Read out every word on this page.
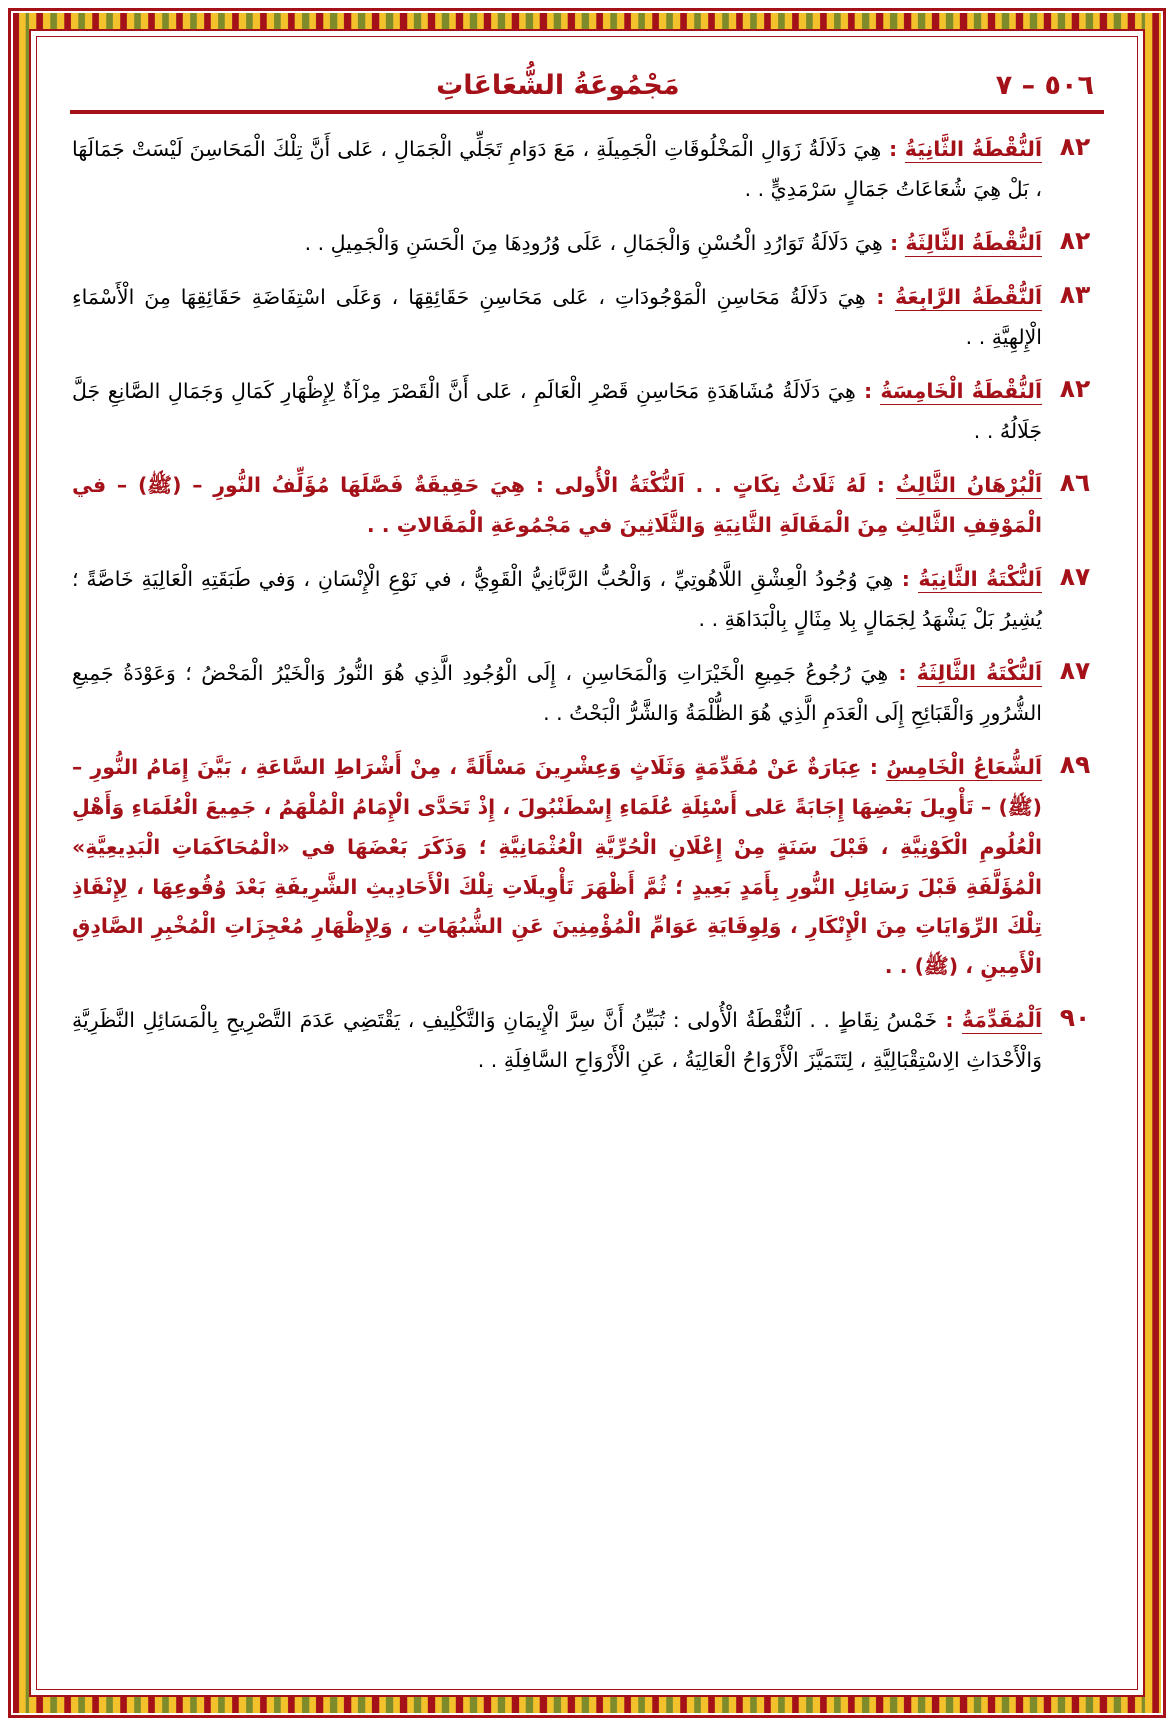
٥٠٦ – ٧
مَجْمُوعَةُ الشُّعَاعَاتِ
٨٢
اَلنُّقْطَةُ الثَّانِيَةُ : هِيَ دَلَالَةُ زَوَالِ الْمَخْلُوقَاتِ الْجَمِيلَةِ ، مَعَ دَوَامِ تَجَلِّي الْجَمَالِ ، عَلى أَنَّ تِلْكَ الْمَحَاسِنَ لَيْسَتْ جَمَالَهَا ، بَلْ هِيَ شُعَاعَاتُ جَمَالٍ سَرْمَدِيٍّ . .
٨٢
اَلنُّقْطَةُ الثَّالِثَةُ : هِيَ دَلَالَةُ تَوَارُدِ الْحُسْنِ وَالْجَمَالِ ، عَلَى وُرُودِهَا مِنَ الْحَسَنِ وَالْجَمِيلِ . .
٨٣
اَلنُّقْطَةُ الرَّابِعَةُ : هِيَ دَلَالَةُ مَحَاسِنِ الْمَوْجُودَاتِ ، عَلى مَحَاسِنِ حَقَائِقِهَا ، وَعَلَى اسْتِفَاضَةِ حَقَائِقِهَا مِنَ الْأَسْمَاءِ الْإِلهِيَّةِ . .
٨٢
اَلنُّقْطَةُ الْخَامِسَةُ : هِيَ دَلَالَةُ مُشَاهَدَةِ مَحَاسِنِ قَصْرِ الْعَالَمِ ، عَلى أَنَّ الْقَصْرَ مِرْآةٌ لِإِظْهَارِ كَمَالِ وَجَمَالِ الصَّانِعِ جَلَّ جَلَالُهُ . .
٨٦
اَلْبُرْهَانُ الثَّالِثُ : لَهُ ثَلَاثُ نِكَاتٍ . . اَلنُّكْتَةُ الْأُولى : هِيَ حَقِيقَةٌ فَصَّلَهَا مُؤَلِّفُ النُّورِ – (ﷺ) – في الْمَوْقِفِ الثَّالِثِ مِنَ الْمَقَالَةِ الثَّانِيَةِ وَالثَّلَاثِينَ في مَجْمُوعَةِ الْمَقَالاتِ . .
٨٧
اَلنُّكْتَةُ الثَّانِيَةُ : هِيَ وُجُودُ الْعِشْقِ اللَّاهُوتِيِّ ، وَالْحُبُّ الرَّبَّانِيُّ الْقَوِيُّ ، في نَوْعِ الْإِنْسَانِ ، وَفي طَبَقَتِهِ الْعَالِيَةِ خَاصَّةً ؛ يُشِيرُ بَلْ يَشْهَدُ لِجَمَالٍ بِلا مِثَالٍ بِالْبَدَاهَةِ . .
٨٧
اَلنُّكْتَةُ الثَّالِثَةُ : هِيَ رُجُوعُ جَمِيعِ الْخَيْرَاتِ وَالْمَحَاسِنِ ، إِلَى الْوُجُودِ الَّذِي هُوَ النُّورُ وَالْخَيْرُ الْمَحْضُ ؛ وَعَوْدَةُ جَمِيعِ الشُّرُورِ وَالْقَبَائِحِ إِلَى الْعَدَمِ الَّذِي هُوَ الظُّلْمَةُ وَالشَّرُّ الْبَحْتُ . .
٨٩
اَلشُّعَاعُ الْخَامِسُ : عِبَارَةٌ عَنْ مُقَدِّمَةٍ وَثَلَاثٍ وَعِشْرِينَ مَسْأَلَةً ، مِنْ أَشْرَاطِ السَّاعَةِ ، بَيَّنَ إِمَامُ النُّورِ – (ﷺ) – تَأْوِيلَ بَعْضِهَا إِجَابَةً عَلى أَسْئِلَةِ عُلَمَاءِ إِسْطَنْبُولَ ، إِذْ تَحَدَّى الْإِمَامُ الْمُلْهَمُ ، جَمِيعَ الْعُلَمَاءِ وَأَهْلِ الْعُلُومِ الْكَوْنِيَّةِ ، قَبْلَ سَنَةٍ مِنْ إِعْلَانِ الْحُرِّيَّةِ الْعُثْمَانِيَّةِ ؛ وَذَكَرَ بَعْضَهَا في «الْمُحَاكَمَاتِ الْبَدِيعِيَّةِ» الْمُؤَلَّفَةِ قَبْلَ رَسَائِلِ النُّورِ بِأَمَدٍ بَعِيدٍ ؛ ثُمَّ أَظْهَرَ تَأْوِيلَاتِ تِلْكَ الْأَحَادِيثِ الشَّرِيفَةِ بَعْدَ وُقُوعِهَا ، لِإِنْقَاذِ تِلْكَ الرِّوَايَاتِ مِنَ الْإِنْكَارِ ، وَلِوِقَايَةِ عَوَامِّ الْمُؤْمِنِينَ عَنِ الشُّبُهَاتِ ، وَلِإِظْهَارِ مُعْجِزَاتِ الْمُخْبِرِ الصَّادِقِ الْأَمِينِ ، (ﷺ) . .
٩٠
اَلْمُقَدِّمَةُ : خَمْسُ نِقَاطٍ . . اَلنُّقْطَةُ الْأُولى : تُبَيِّنُ أَنَّ سِرَّ الْإِيمَانِ وَالتَّكْلِيفِ ، يَقْتَضِي عَدَمَ التَّصْرِيحِ بِالْمَسَائِلِ النَّظَرِيَّةِ وَالْأَحْدَاثِ الِاسْتِقْبَالِيَّةِ ، لِتَتَمَيَّزَ الْأَرْوَاحُ الْعَالِيَةُ ، عَنِ الْأَرْوَاحِ السَّافِلَةِ . .
